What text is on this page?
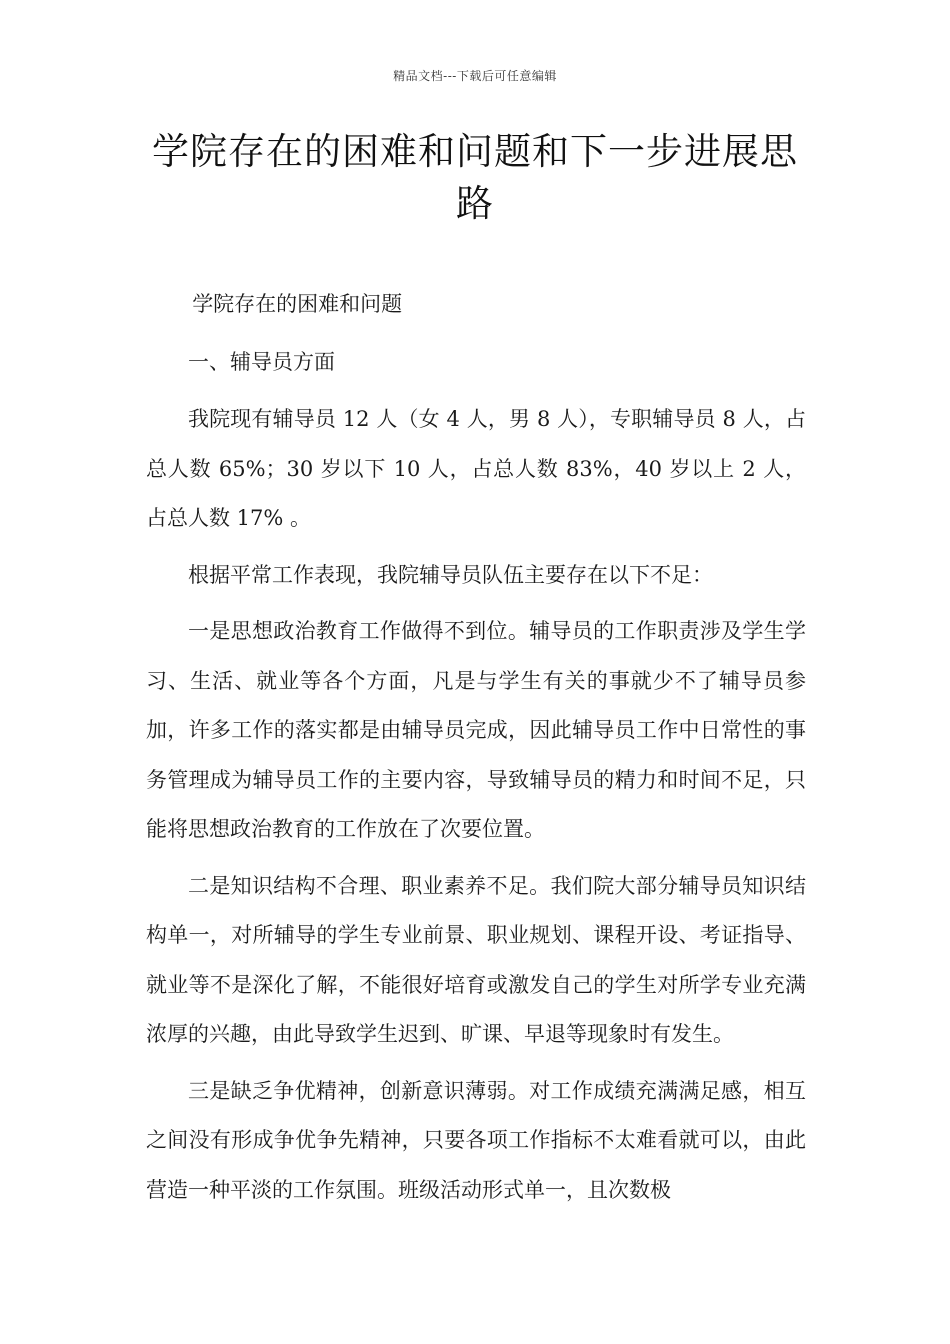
精品文档---下载后可任意编辑
学院存在的困难和问题和下一步进展思路

学院存在的困难和问题

一、辅导员方面

我院现有辅导员 12 人（女 4 人，男 8 人），专职辅导员 8 人，占总人数 65%；30 岁以下 10 人，占总人数 83%，40 岁以上 2 人，占总人数 17% 。

根据平常工作表现，我院辅导员队伍主要存在以下不足：

一是思想政治教育工作做得不到位。辅导员的工作职责涉及学生学习、生活、就业等各个方面，凡是与学生有关的事就少不了辅导员参加，许多工作的落实都是由辅导员完成，因此辅导员工作中日常性的事务管理成为辅导员工作的主要内容，导致辅导员的精力和时间不足，只能将思想政治教育的工作放在了次要位置。

二是知识结构不合理、职业素养不足。我们院大部分辅导员知识结构单一，对所辅导的学生专业前景、职业规划、课程开设、考证指导、就业等不是深化了解，不能很好培育或激发自己的学生对所学专业充满浓厚的兴趣，由此导致学生迟到、旷课、早退等现象时有发生。

三是缺乏争优精神，创新意识薄弱。对工作成绩充满满足感，相互之间没有形成争优争先精神，只要各项工作指标不太难看就可以，由此营造一种平淡的工作氛围。班级活动形式单一，且次数极
